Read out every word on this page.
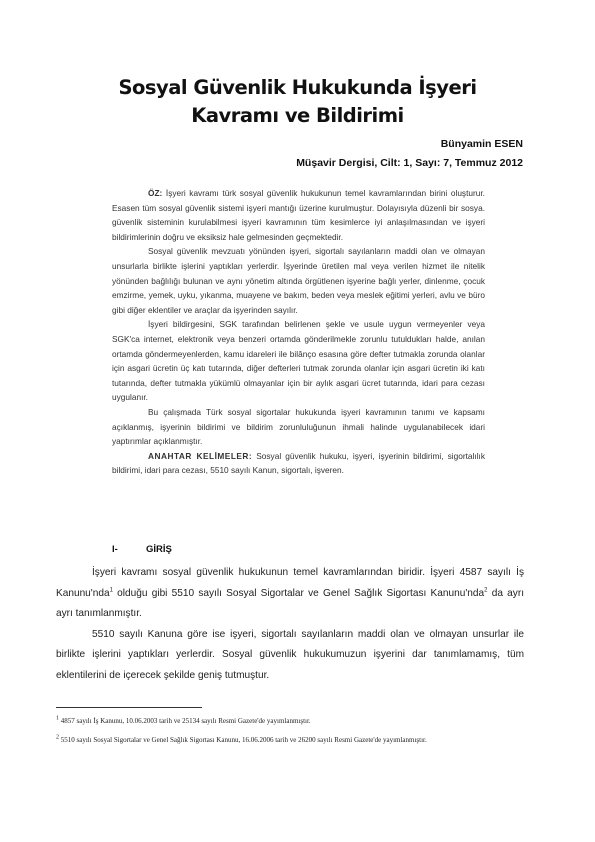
Sosyal Güvenlik Hukukunda İşyeri
Kavramı ve Bildirimi
Bünyamin ESEN
Müşavir Dergisi, Cilt: 1, Sayı: 7, Temmuz 2012

ÖZ: İşyeri kavramı türk sosyal güvenlik hukukunun temel kavramlarından birini oluşturur. Esasen tüm sosyal güvenlik sistemi işyeri mantığı üzerine kurulmuştur. Dolayısıyla düzenli bir sosya. güvenlik sisteminin kurulabilmesi işyeri kavramının tüm kesimlerce iyi anlaşılmasından ve işyeri bildirimlerinin doğru ve eksiksiz hale gelmesinden geçmektedir.

Sosyal güvenlik mevzuatı yönünden işyeri, sigortalı sayılanların maddi olan ve olmayan unsurlarla birlikte işlerini yaptıkları yerlerdir. İşyerinde üretilen mal veya verilen hizmet ile nitelik yönünden bağlılığı bulunan ve aynı yönetim altında örgütlenen işyerine bağlı yerler, dinlenme, çocuk emzirme, yemek, uyku, yıkanma, muayene ve bakım, beden veya meslek eğitimi yerleri, avlu ve büro gibi diğer eklentiler ve araçlar da işyerinden sayılır.

İşyeri bildirgesini, SGK tarafından belirlenen şekle ve usule uygun vermeyenler veya SGK'ca internet, elektronik veya benzeri ortamda gönderilmekle zorunlu tutuldukları halde, anılan ortamda göndermeyenlerden, kamu idareleri ile bilânço esasına göre defter tutmakla zorunda olanlar için asgari ücretin üç katı tutarında, diğer defterleri tutmak zorunda olanlar için asgari ücretin iki katı tutarında, defter tutmakla yükümlü olmayanlar için bir aylık asgari ücret tutarında, idari para cezası uygulanır.

Bu çalışmada Türk sosyal sigortalar hukukunda işyeri kavramının tanımı ve kapsamı açıklanmış, işyerinin bildirimi ve bildirim zorunluluğunun ihmali halinde uygulanabilecek idari yaptırımlar açıklanmıştır.

ANAHTAR KELİMELER: Sosyal güvenlik hukuku, işyeri, işyerinin bildirimi, sigortalılık bildirimi, idari para cezası, 5510 sayılı Kanun, sigortalı, işveren.

I-	GİRİŞ

İşyeri kavramı sosyal güvenlik hukukunun temel kavramlarından biridir. İşyeri 4587 sayılı İş Kanunu'nda$^1$ olduğu gibi 5510 sayılı Sosyal Sigortalar ve Genel Sağlık Sigortası Kanunu'nda$^2$ da ayrı ayrı tanımlanmıştır.

5510 sayılı Kanuna göre ise işyeri, sigortalı sayılanların maddi olan ve olmayan unsurlar ile birlikte işlerini yaptıkları yerlerdir. Sosyal güvenlik hukukumuzun işyerini dar tanımlamamış, tüm eklentilerini de içerecek şekilde geniş tutmuştur.

$^1$ 4857 sayılı İş Kanunu, 10.06.2003 tarih ve 25134 sayılı Resmi Gazete'de yayımlanmıştır.

$^2$ 5510 sayılı Sosyal Sigortalar ve Genel Sağlık Sigortası Kanunu, 16.06.2006 tarih ve 26200 sayılı Resmi Gazete'de yayımlanmıştır.
